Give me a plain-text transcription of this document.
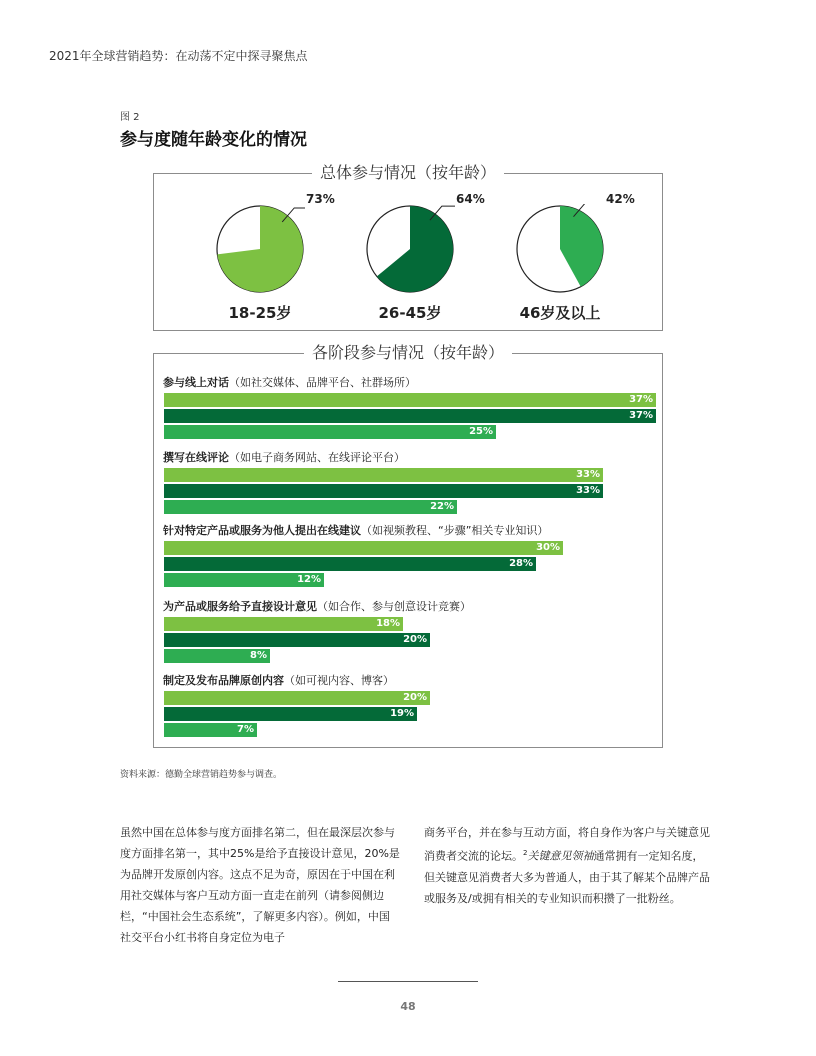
2021年全球营销趋势：在动荡不定中探寻聚焦点
图 2
参与度随年龄变化的情况
总体参与情况（按年龄）
73%
18-25岁
64%
26-45岁
42%
46岁及以上
各阶段参与情况（按年龄）
参与线上对话（如社交媒体、品牌平台、社群场所）
37%
37%
25%
撰写在线评论（如电子商务网站、在线评论平台）
33%
33%
22%
针对特定产品或服务为他人提出在线建议（如视频教程、“步骤”相关专业知识）
30%
28%
12%
为产品或服务给予直接设计意见（如合作、参与创意设计竞赛）
18%
20%
8%
制定及发布品牌原创内容（如可视内容、博客）
20%
19%
7%
资料来源：德勤全球营销趋势参与调查。

虽然中国在总体参与度方面排名第二，但在最深层次参与度方面排名第一，其中25%是给予直接设计意见，20%是为品牌开发原创内容。这点不足为奇，原因在于中国在利用社交媒体与客户互动方面一直走在前列（请参阅侧边栏，“中国社会生态系统”，了解更多内容）。例如，中国社交平台小红书将自身定位为电子

商务平台，并在参与互动方面，将自身作为客户与关键意见消费者交流的论坛。$^2$关键意见领袖通常拥有一定知名度，但关键意见消费者大多为普通人，由于其了解某个品牌产品或服务及/或拥有相关的专业知识而积攒了一批粉丝。

48
